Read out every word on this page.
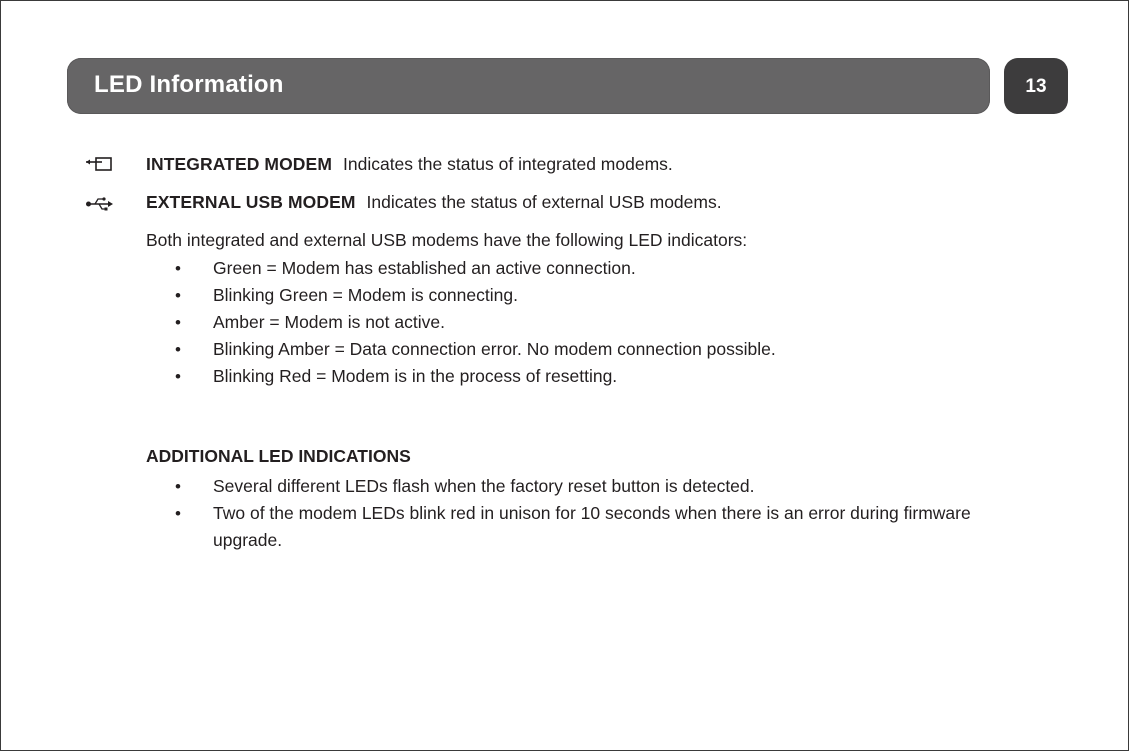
LED Information	13
INTEGRATED MODEM Indicates the status of integrated modems.
EXTERNAL USB MODEM Indicates the status of external USB modems.
Both integrated and external USB modems have the following LED indicators:
• Green = Modem has established an active connection.
• Blinking Green = Modem is connecting.
• Amber = Modem is not active.
• Blinking Amber = Data connection error. No modem connection possible.
• Blinking Red = Modem is in the process of resetting.
ADDITIONAL LED INDICATIONS
• Several different LEDs flash when the factory reset button is detected.
• Two of the modem LEDs blink red in unison for 10 seconds when there is an error during firmware upgrade.
